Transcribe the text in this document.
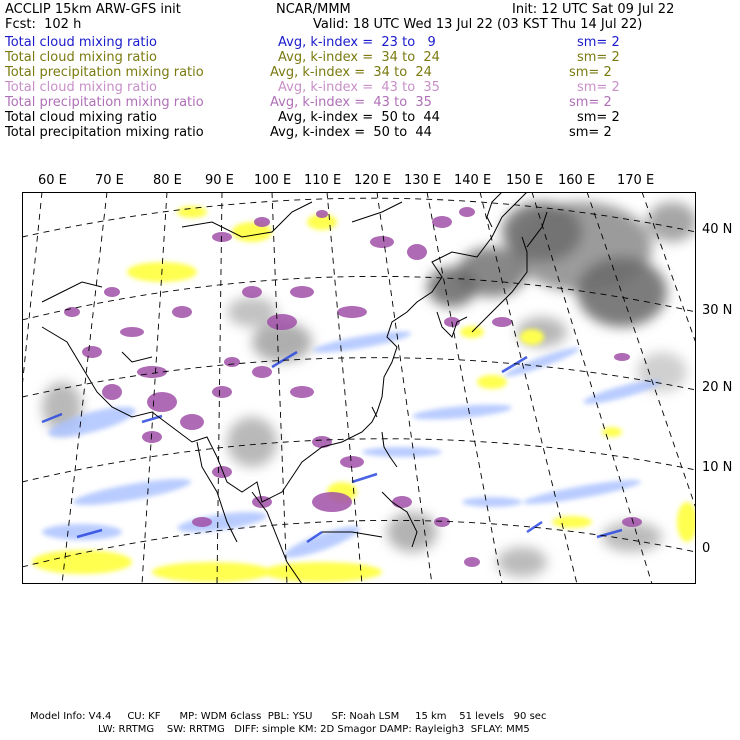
ACCLIP 15km ARW-GFS init	NCAR/MMM	Init: 12 UTC Sat 09 Jul 22
Fcst:  102 h	Valid: 18 UTC Wed 13 Jul 22 (03 KST Thu 14 Jul 22)
Total cloud mixing ratio	Avg, k-index =  23 to   9	sm= 2
Total cloud mixing ratio	Avg, k-index =  34 to  24	sm= 2
Total precipitation mixing ratio	Avg, k-index =  34 to  24	sm= 2
Total cloud mixing ratio	Avg, k-index =  43 to  35	sm= 2
Total precipitation mixing ratio	Avg, k-index =  43 to  35	sm= 2
Total cloud mixing ratio	Avg, k-index =  50 to  44	sm= 2
Total precipitation mixing ratio	Avg, k-index =  50 to  44	sm= 2
60 E 70 E 80 E 90 E 100 E 110 E 120 E 130 E 140 E 150 E 160 E 170 E
40 N
30 N
20 N
10 N
0
Model Info: V4.4     CU: KF      MP: WDM 6class  PBL: YSU      SF: Noah LSM     15 km    51 levels   90 sec
LW: RRTMG    SW: RRTMG   DIFF: simple KM: 2D Smagor DAMP: Rayleigh3  SFLAY: MM5
